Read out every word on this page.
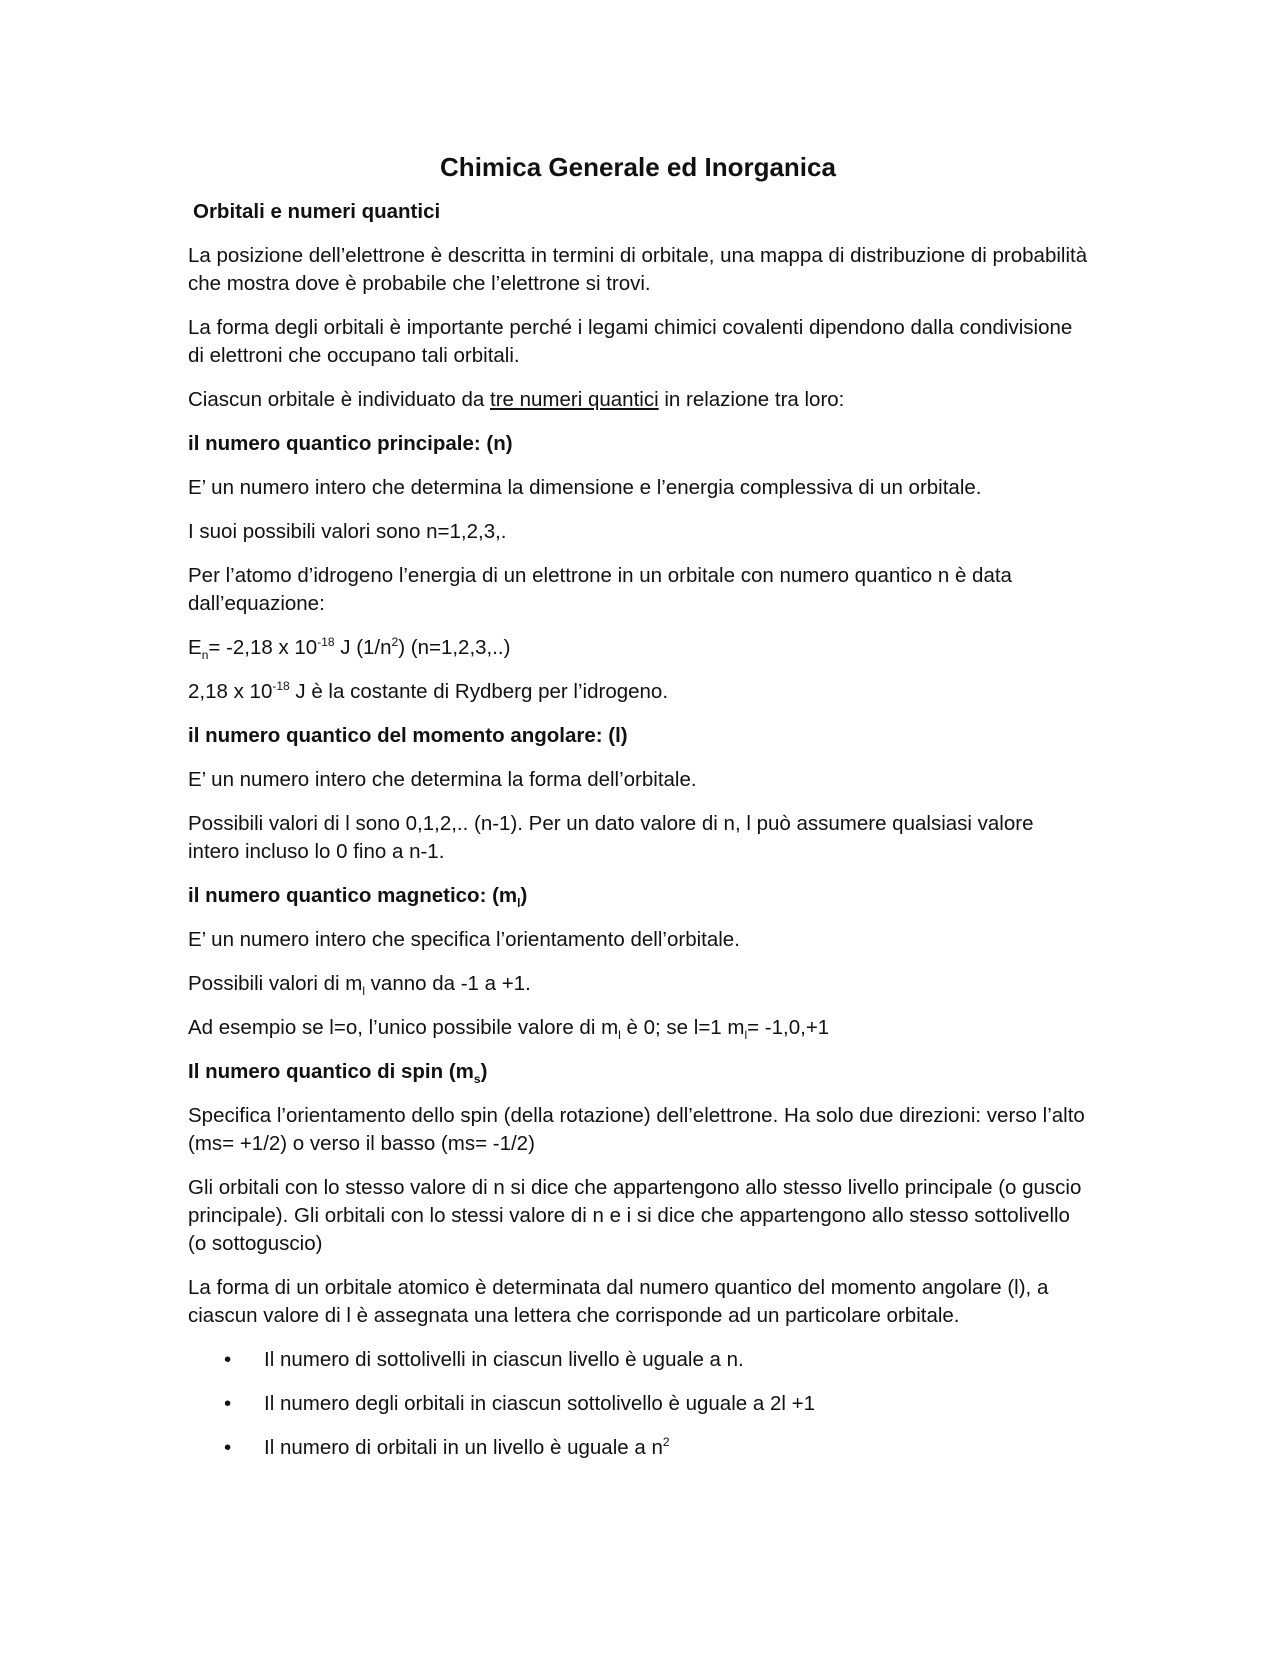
Chimica Generale ed Inorganica

Orbitali e numeri quantici

La posizione dell’elettrone è descritta in termini di orbitale, una mappa di distribuzione di probabilità che mostra dove è probabile che l’elettrone si trovi.

La forma degli orbitali è importante perché i legami chimici covalenti dipendono dalla condivisione di elettroni che occupano tali orbitali.

Ciascun orbitale è individuato da tre numeri quantici in relazione tra loro:

il numero quantico principale: (n)

E’ un numero intero che determina la dimensione e l’energia complessiva di un orbitale.

I suoi possibili valori sono n=1,2,3,.

Per l’atomo d’idrogeno l’energia di un elettrone in un orbitale con numero quantico n è data dall’equazione:

$E_n= -2,18$ x $10^{-18}$ J $(1/n^2)$ (n=1,2,3,..)

2,18 x $10^{-18}$ J è la costante di Rydberg per l’idrogeno.

il numero quantico del momento angolare: (l)

E’ un numero intero che determina la forma dell’orbitale.

Possibili valori di l sono 0,1,2,.. (n-1). Per un dato valore di n, l può assumere qualsiasi valore intero incluso lo 0 fino a n-1.

il numero quantico magnetico: $(m_l)$

E’ un numero intero che specifica l’orientamento dell’orbitale.

Possibili valori di $m_l$ vanno da -1 a +1.

Ad esempio se l=o, l’unico possibile valore di $m_l$ è 0; se l=1 $m_l= -1,0,+1$

Il numero quantico di spin $(m_s)$

Specifica l’orientamento dello spin (della rotazione) dell’elettrone. Ha solo due direzioni: verso l’alto (ms= +1/2) o verso il basso (ms= -1/2)

Gli orbitali con lo stesso valore di n si dice che appartengono allo stesso livello principale (o guscio principale). Gli orbitali con lo stessi valore di n e i si dice che appartengono allo stesso sottolivello (o sottoguscio)

La forma di un orbitale atomico è determinata dal numero quantico del momento angolare (l), a ciascun valore di l è assegnata una lettera che corrisponde ad un particolare orbitale.

• Il numero di sottolivelli in ciascun livello è uguale a n.
• Il numero degli orbitali in ciascun sottolivello è uguale a 2l +1
• Il numero di orbitali in un livello è uguale a $n^2$
